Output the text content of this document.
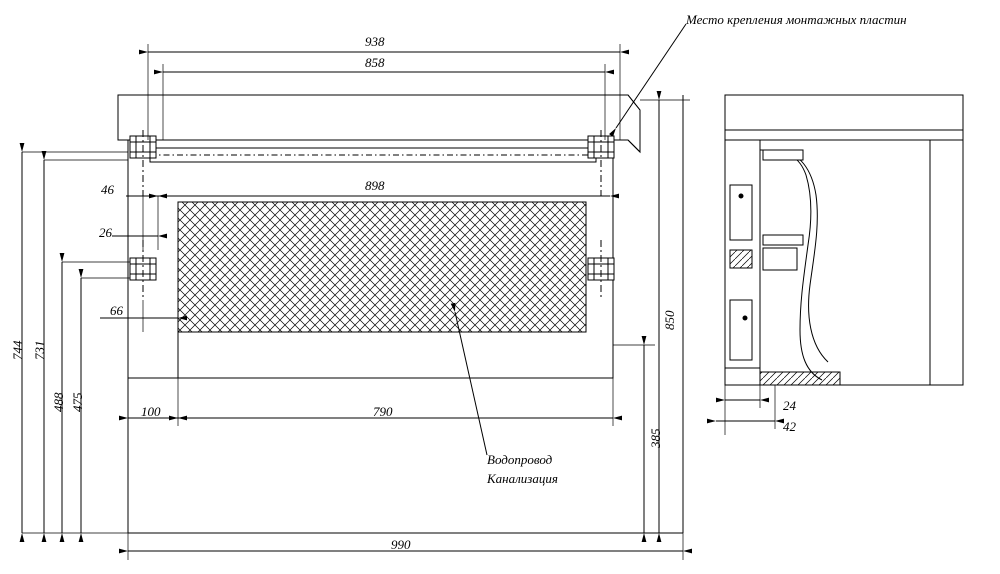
Место крепления монтажных пластин
Водопровод
Канализация
938
858
898
46
26
66
100	790
990
744 731
488 475
850
385
24
42
